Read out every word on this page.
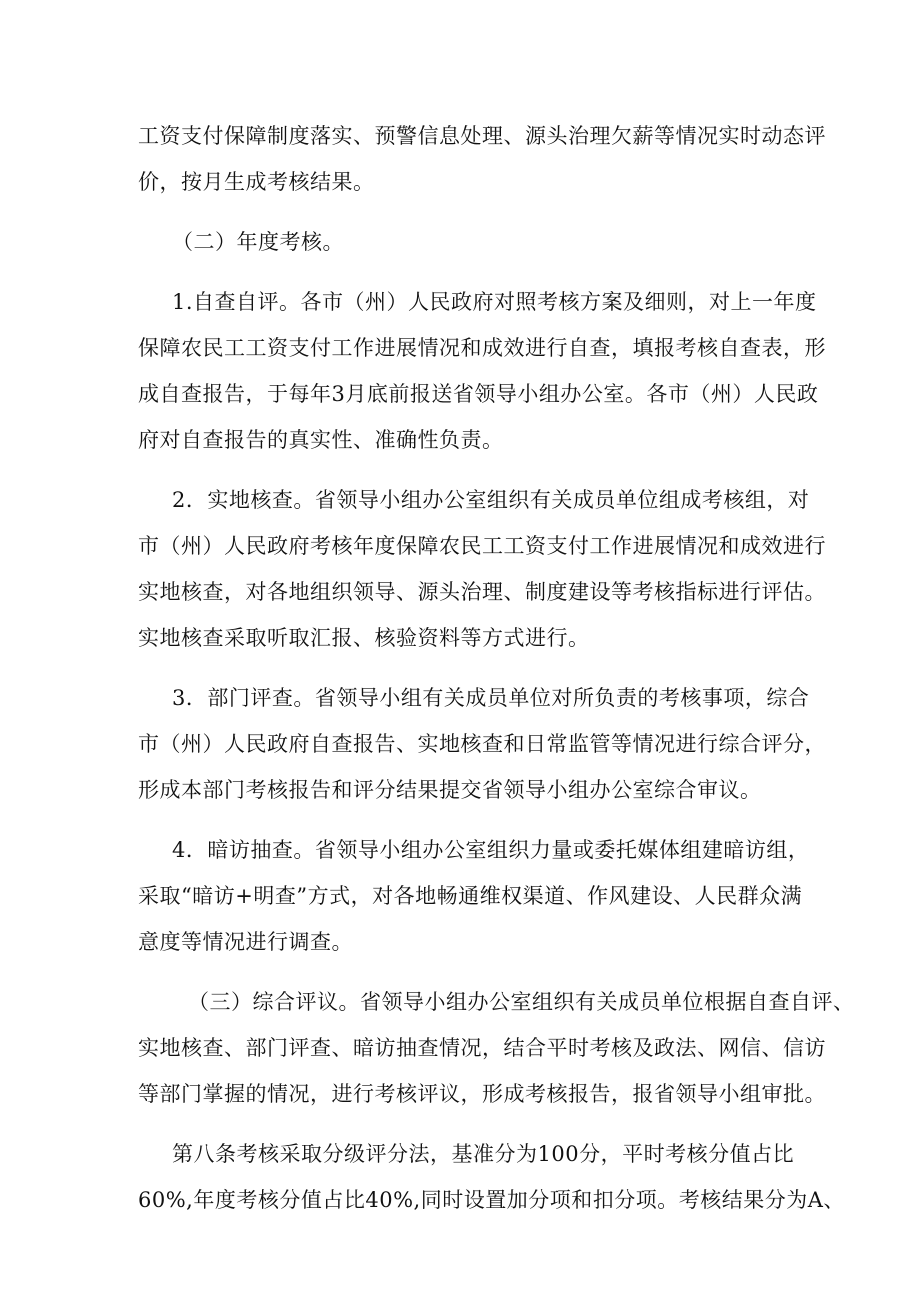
工资支付保障制度落实、预警信息处理、源头治理欠薪等情况实时动态评
价，按月生成考核结果。
（二）年度考核。
1.自查自评。各市（州）人民政府对照考核方案及细则，对上一年度
保障农民工工资支付工作进展情况和成效进行自查，填报考核自查表，形
成自查报告，于每年3月底前报送省领导小组办公室。各市（州）人民政
府对自查报告的真实性、准确性负责。
2．实地核查。省领导小组办公室组织有关成员单位组成考核组，对
市（州）人民政府考核年度保障农民工工资支付工作进展情况和成效进行
实地核查，对各地组织领导、源头治理、制度建设等考核指标进行评估。
实地核查采取听取汇报、核验资料等方式进行。
3．部门评查。省领导小组有关成员单位对所负责的考核事项，综合
市（州）人民政府自查报告、实地核查和日常监管等情况进行综合评分，
形成本部门考核报告和评分结果提交省领导小组办公室综合审议。
4．暗访抽查。省领导小组办公室组织力量或委托媒体组建暗访组，
采取“暗访+明查”方式，对各地畅通维权渠道、作风建设、人民群众满
意度等情况进行调查。
（三）综合评议。省领导小组办公室组织有关成员单位根据自查自评、
实地核查、部门评查、暗访抽查情况，结合平时考核及政法、网信、信访
等部门掌握的情况，进行考核评议，形成考核报告，报省领导小组审批。
第八条考核采取分级评分法，基准分为100分，平时考核分值占比
60%,年度考核分值占比40%,同时设置加分项和扣分项。考核结果分为A、
